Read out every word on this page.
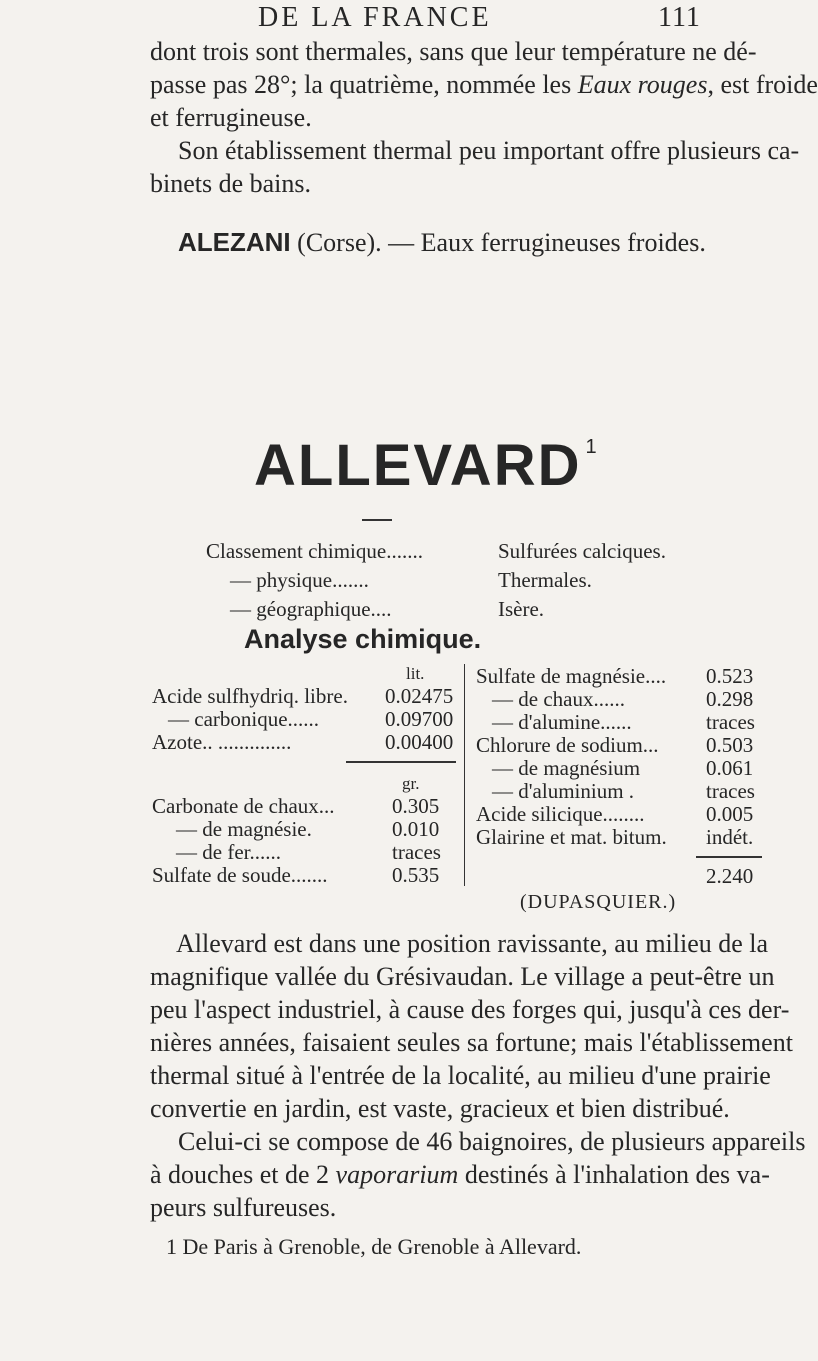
DE LA FRANCE	111
dont trois sont thermales, sans que leur température ne dé-
passe pas 28°; la quatrième, nommée les Eaux rouges, est froide
et ferrugineuse.
Son établissement thermal peu important offre plusieurs ca-
binets de bains.
ALEZANI (Corse). — Eaux ferrugineuses froides.
ALLEVARD $^1$
Classement chimique.......	Sulfurées calciques.
— physique.......	Thermales.
— géographique....	Isère.
Analyse chimique.
lit.
Acide sulfhydriq. libre. 0.02475
— carbonique......	0.09700
Azote.. ..............	0.00400
gr.
Carbonate de chaux...	0.305
— de magnésie.	0.010
— de fer......	traces
Sulfate de soude.......	0.535
Sulfate de magnésie.... 0.523
— de chaux......	0.298
— d'alumine......	traces
Chlorure de sodium... 0.503
— de magnésium	0.061
— d'aluminium .	traces
Acide silicique........	0.005
Glairine et mat. bitum. indét.
2.240
(DUPASQUIER.)
Allevard est dans une position ravissante, au milieu de la
magnifique vallée du Grésivaudan. Le village a peut-être un
peu l'aspect industriel, à cause des forges qui, jusqu'à ces der-
nières années, faisaient seules sa fortune; mais l'établissement
thermal situé à l'entrée de la localité, au milieu d'une prairie
convertie en jardin, est vaste, gracieux et bien distribué.
Celui-ci se compose de 46 baignoires, de plusieurs appareils
à douches et de 2 vaporarium destinés à l'inhalation des va-
peurs sulfureuses.
1 De Paris à Grenoble, de Grenoble à Allevard.
